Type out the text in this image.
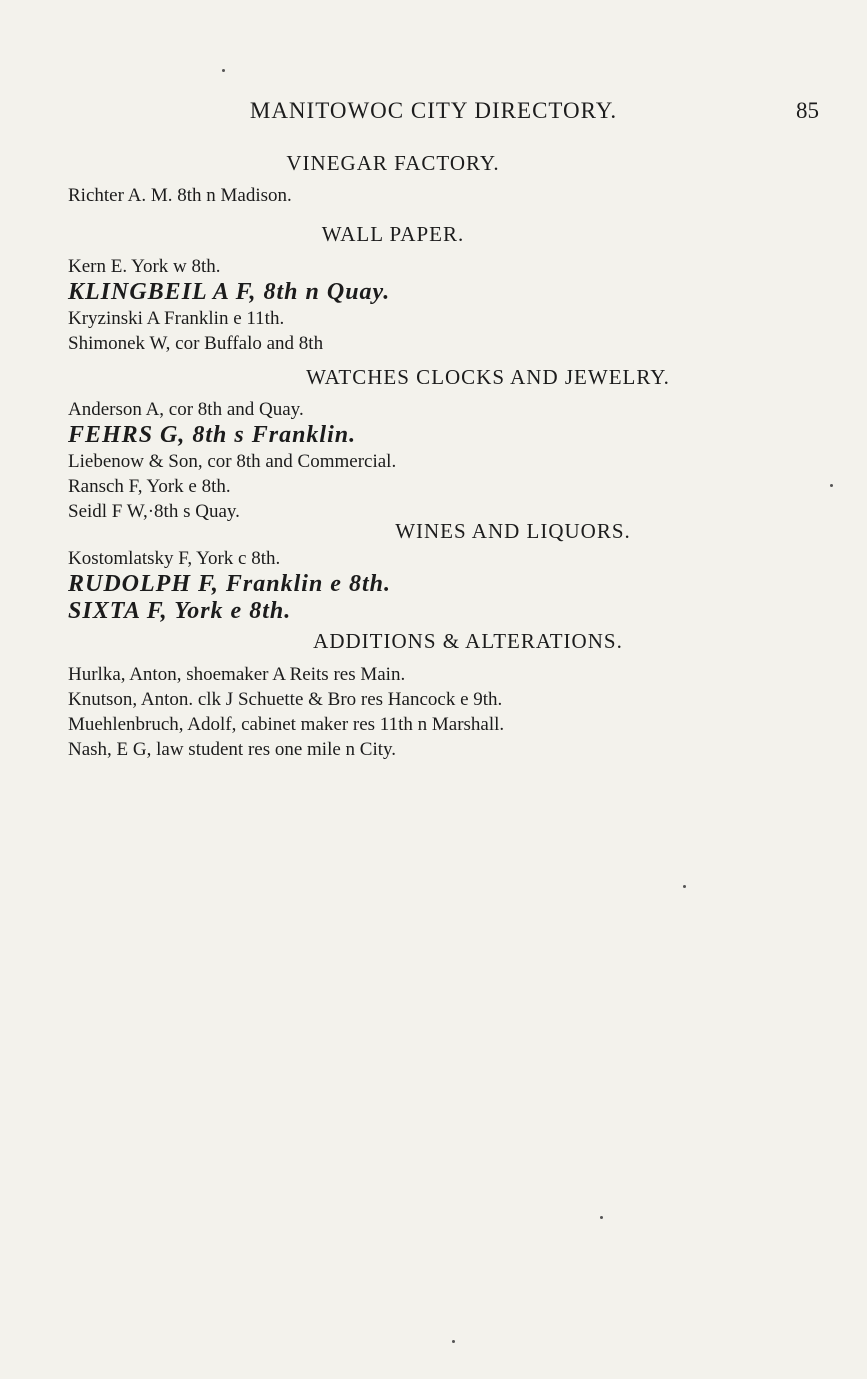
MANITOWOC CITY DIRECTORY.	85

VINEGAR FACTORY.

Richter A. M. 8th n Madison.

WALL PAPER.

Kern E. York w 8th.

KLINGBEIL A F, 8th n Quay.

Kryzinski A Franklin e 11th.

Shimonek W, cor Buffalo and 8th

WATCHES CLOCKS AND JEWELRY.

Anderson A, cor 8th and Quay.

FEHRS G, 8th s Franklin.

Liebenow & Son, cor 8th and Commercial.

Ransch F, York e 8th.

Seidl F W,·8th s Quay.

WINES AND LIQUORS.

Kostomlatsky F, York c 8th.

RUDOLPH F, Franklin e 8th.

SIXTA F, York e 8th.

ADDITIONS & ALTERATIONS.

Hurlka, Anton, shoemaker A Reits res Main.

Knutson, Anton. clk J Schuette & Bro res Hancock e 9th.

Muehlenbruch, Adolf, cabinet maker res 11th n Marshall.

Nash, E G, law student res one mile n City.
